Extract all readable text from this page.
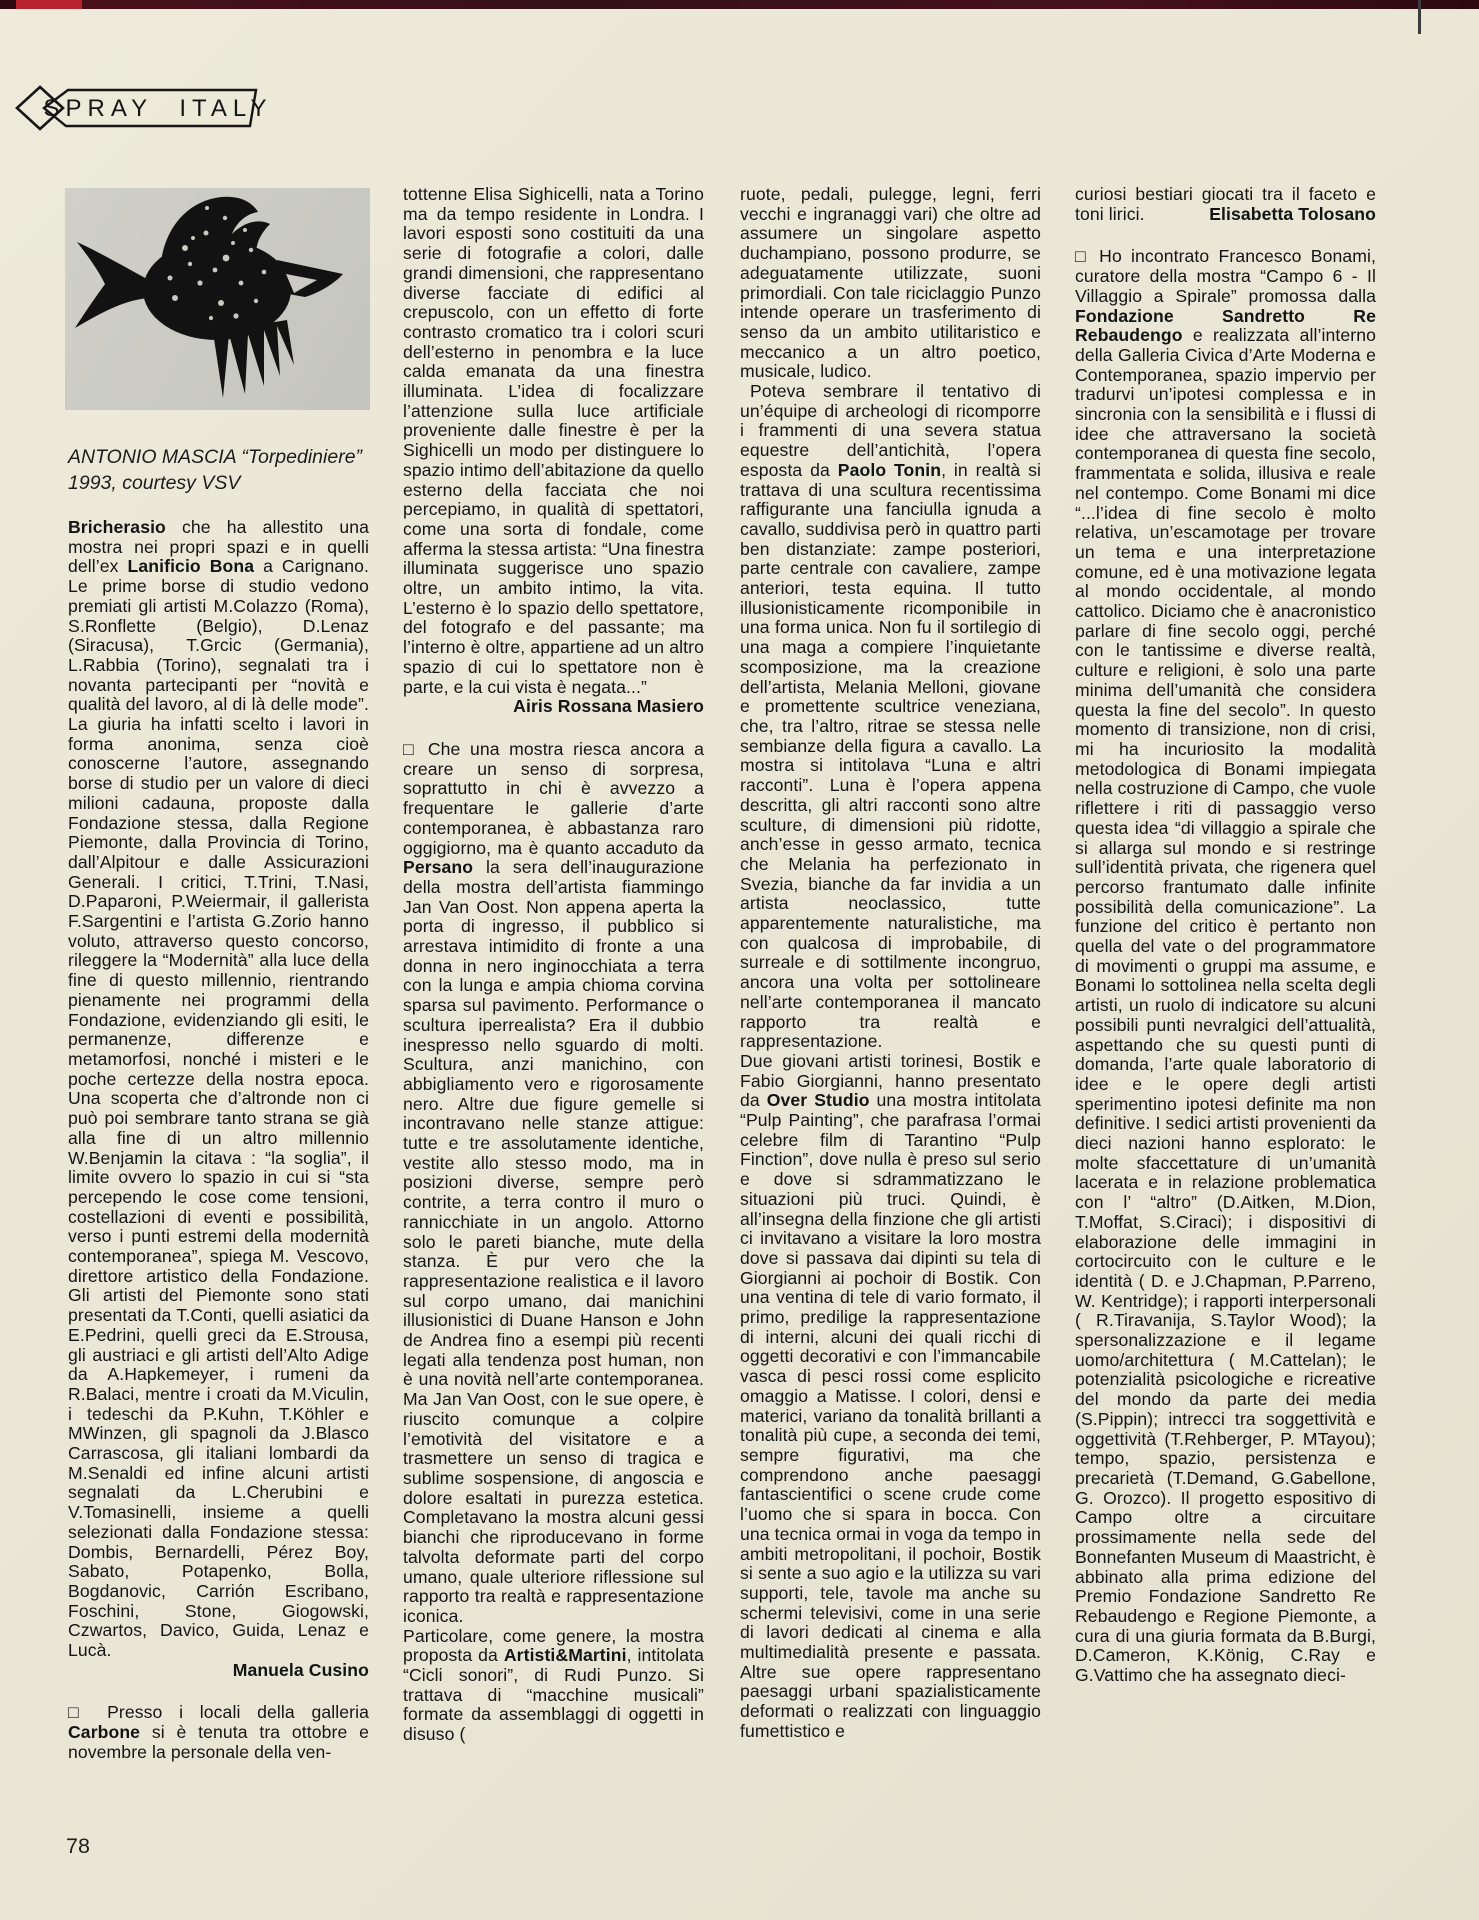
SPRAY ITALY

ANTONIO MASCIA “Torpediniere” 1993, courtesy VSV

Bricherasio che ha allestito una mostra nei propri spazi e in quelli dell’ex Lanificio Bona a Carignano. Le prime borse di studio vedono premiati gli artisti M.Colazzo (Roma), S.Ronflette (Belgio), D.Lenaz (Siracusa), T.Grcic (Germania), L.Rabbia (Torino), segnalati tra i novanta partecipanti per “novità e qualità del lavoro, al di là delle mode”. La giuria ha infatti scelto i lavori in forma anonima, senza cioè conoscerne l’autore, assegnando borse di studio per un valore di dieci milioni cadauna, proposte dalla Fondazione stessa, dalla Regione Piemonte, dalla Provincia di Torino, dall’Alpitour e dalle Assicurazioni Generali. I critici, T.Trini, T.Nasi, D.Paparoni, P.Weiermair, il gallerista F.Sargentini e l’artista G.Zorio hanno voluto, attraverso questo concorso, rileggere la “Modernità” alla luce della fine di questo millennio, rientrando pienamente nei programmi della Fondazione, evidenziando gli esiti, le permanenze, differenze e metamorfosi, nonché i misteri e le poche certezze della nostra epoca. Una scoperta che d’altronde non ci può poi sembrare tanto strana se già alla fine di un altro millennio W.Benjamin la citava : “la soglia”, il limite ovvero lo spazio in cui si “sta percependo le cose come tensioni, costellazioni di eventi e possibilità, verso i punti estremi della modernità contemporanea”, spiega M. Vescovo, direttore artistico della Fondazione. Gli artisti del Piemonte sono stati presentati da T.Conti, quelli asiatici da E.Pedrini, quelli greci da E.Strousa, gli austriaci e gli artisti dell’Alto Adige da A.Hapkemeyer, i rumeni da R.Balaci, mentre i croati da M.Viculin, i tedeschi da P.Kuhn, T.Köhler e MWinzen, gli spagnoli da J.Blasco Carrascosa, gli italiani lombardi da M.Senaldi ed infine alcuni artisti segnalati da L.Cherubini e V.Tomasinelli, insieme a quelli selezionati dalla Fondazione stessa: Dombis, Bernardelli, Pérez Boy, Sabato, Potapenko, Bolla, Bogdanovic, Carrión Escribano, Foschini, Stone, Giogowski, Czwartos, Davico, Guida, Lenaz e Lucà.

Manuela Cusino

□ Presso i locali della galleria Carbone si è tenuta tra ottobre e novembre la personale della ven-

tottenne Elisa Sighicelli, nata a Torino ma da tempo residente in Londra. I lavori esposti sono costituiti da una serie di fotografie a colori, dalle grandi dimensioni, che rappresentano diverse facciate di edifici al crepuscolo, con un effetto di forte contrasto cromatico tra i colori scuri dell’esterno in penombra e la luce calda emanata da una finestra illuminata. L’idea di focalizzare l’attenzione sulla luce artificiale proveniente dalle finestre è per la Sighicelli un modo per distinguere lo spazio intimo dell’abitazione da quello esterno della facciata che noi percepiamo, in qualità di spettatori, come una sorta di fondale, come afferma la stessa artista: “Una finestra illuminata suggerisce uno spazio oltre, un ambito intimo, la vita. L’esterno è lo spazio dello spettatore, del fotografo e del passante; ma l’interno è oltre, appartiene ad un altro spazio di cui lo spettatore non è parte, e la cui vista è negata...”

Airis Rossana Masiero

□ Che una mostra riesca ancora a creare un senso di sorpresa, soprattutto in chi è avvezzo a frequentare le gallerie d’arte contemporanea, è abbastanza raro oggigiorno, ma è quanto accaduto da Persano la sera dell’inaugurazione della mostra dell’artista fiammingo Jan Van Oost. Non appena aperta la porta di ingresso, il pubblico si arrestava intimidito di fronte a una donna in nero inginocchiata a terra con la lunga e ampia chioma corvina sparsa sul pavimento. Performance o scultura iperrealista? Era il dubbio inespresso nello sguardo di molti. Scultura, anzi manichino, con abbigliamento vero e rigorosamente nero. Altre due figure gemelle si incontravano nelle stanze attigue: tutte e tre assolutamente identiche, vestite allo stesso modo, ma in posizioni diverse, sempre però contrite, a terra contro il muro o rannicchiate in un angolo. Attorno solo le pareti bianche, mute della stanza. È pur vero che la rappresentazione realistica e il lavoro sul corpo umano, dai manichini illusionistici di Duane Hanson e John de Andrea fino a esempi più recenti legati alla tendenza post human, non è una novità nell’arte contemporanea. Ma Jan Van Oost, con le sue opere, è riuscito comunque a colpire l’emotività del visitatore e a trasmettere un senso di tragica e sublime sospensione, di angoscia e dolore esaltati in purezza estetica. Completavano la mostra alcuni gessi bianchi che riproducevano in forme talvolta deformate parti del corpo umano, quale ulteriore riflessione sul rapporto tra realtà e rappresentazione iconica.

Particolare, come genere, la mostra proposta da Artisti&Martini, intitolata “Cicli sonori”, di Rudi Punzo. Si trattava di “macchine musicali” formate da assemblaggi di oggetti in disuso (

ruote, pedali, pulegge, legni, ferri vecchi e ingranaggi vari) che oltre ad assumere un singolare aspetto duchampiano, possono produrre, se adeguatamente utilizzate, suoni primordiali. Con tale riciclaggio Punzo intende operare un trasferimento di senso da un ambito utilitaristico e meccanico a un altro poetico, musicale, ludico.

Poteva sembrare il tentativo di un’équipe di archeologi di ricomporre i frammenti di una severa statua equestre dell’antichità, l’opera esposta da Paolo Tonin, in realtà si trattava di una scultura recentissima raffigurante una fanciulla ignuda a cavallo, suddivisa però in quattro parti ben distanziate: zampe posteriori, parte centrale con cavaliere, zampe anteriori, testa equina. Il tutto illusionisticamente ricomponibile in una forma unica. Non fu il sortilegio di una maga a compiere l’inquietante scomposizione, ma la creazione dell’artista, Melania Melloni, giovane e promettente scultrice veneziana, che, tra l’altro, ritrae se stessa nelle sembianze della figura a cavallo. La mostra si intitolava “Luna e altri racconti”. Luna è l’opera appena descritta, gli altri racconti sono altre sculture, di dimensioni più ridotte, anch’esse in gesso armato, tecnica che Melania ha perfezionato in Svezia, bianche da far invidia a un artista neoclassico, tutte apparentemente naturalistiche, ma con qualcosa di improbabile, di surreale e di sottilmente incongruo, ancora una volta per sottolineare nell’arte contemporanea il mancato rapporto tra realtà e rappresentazione.

Due giovani artisti torinesi, Bostik e Fabio Giorgianni, hanno presentato da Over Studio una mostra intitolata “Pulp Painting”, che parafrasa l’ormai celebre film di Tarantino “Pulp Finction”, dove nulla è preso sul serio e dove si sdrammatizzano le situazioni più truci. Quindi, è all’insegna della finzione che gli artisti ci invitavano a visitare la loro mostra dove si passava dai dipinti su tela di Giorgianni ai pochoir di Bostik. Con una ventina di tele di vario formato, il primo, predilige la rappresentazione di interni, alcuni dei quali ricchi di oggetti decorativi e con l’immancabile vasca di pesci rossi come esplicito omaggio a Matisse. I colori, densi e materici, variano da tonalità brillanti a tonalità più cupe, a seconda dei temi, sempre figurativi, ma che comprendono anche paesaggi fantascientifici o scene crude come l’uomo che si spara in bocca. Con una tecnica ormai in voga da tempo in ambiti metropolitani, il pochoir, Bostik si sente a suo agio e la utilizza su vari supporti, tele, tavole ma anche su schermi televisivi, come in una serie di lavori dedicati al cinema e alla multimedialità presente e passata. Altre sue opere rappresentano paesaggi urbani spazialisticamente deformati o realizzati con linguaggio fumettistico e

curiosi bestiari giocati tra il faceto e toni lirici.	Elisabetta Tolosano

□ Ho incontrato Francesco Bonami, curatore della mostra “Campo 6 - Il Villaggio a Spirale” promossa dalla Fondazione Sandretto Re Rebaudengo e realizzata all’interno della Galleria Civica d’Arte Moderna e Contemporanea, spazio impervio per tradurvi un’ipotesi complessa e in sincronia con la sensibilità e i flussi di idee che attraversano la società contemporanea di questa fine secolo, frammentata e solida, illusiva e reale nel contempo. Come Bonami mi dice “...l’idea di fine secolo è molto relativa, un’escamotage per trovare un tema e una interpretazione comune, ed è una motivazione legata al mondo occidentale, al mondo cattolico. Diciamo che è anacronistico parlare di fine secolo oggi, perché con le tantissime e diverse realtà, culture e religioni, è solo una parte minima dell’umanità che considera questa la fine del secolo”. In questo momento di transizione, non di crisi, mi ha incuriosito la modalità metodologica di Bonami impiegata nella costruzione di Campo, che vuole riflettere i riti di passaggio verso questa idea “di villaggio a spirale che si allarga sul mondo e si restringe sull’identità privata, che rigenera quel percorso frantumato dalle infinite possibilità della comunicazione”. La funzione del critico è pertanto non quella del vate o del programmatore di movimenti o gruppi ma assume, e Bonami lo sottolinea nella scelta degli artisti, un ruolo di indicatore su alcuni possibili punti nevralgici dell’attualità, aspettando che su questi punti di domanda, l’arte quale laboratorio di idee e le opere degli artisti sperimentino ipotesi definite ma non definitive. I sedici artisti provenienti da dieci nazioni hanno esplorato: le molte sfaccettature di un’umanità lacerata e in relazione problematica con l’ “altro” (D.Aitken, M.Dion, T.Moffat, S.Ciraci); i dispositivi di elaborazione delle immagini in cortocircuito con le culture e le identità ( D. e J.Chapman, P.Parreno, W. Kentridge); i rapporti interpersonali ( R.Tiravanija, S.Taylor Wood); la spersonalizzazione e il legame uomo/architettura ( M.Cattelan); le potenzialità psicologiche e ricreative del mondo da parte dei media (S.Pippin); intrecci tra soggettività e oggettività (T.Rehberger, P. MTayou); tempo, spazio, persistenza e precarietà (T.Demand, G.Gabellone, G. Orozco). Il progetto espositivo di Campo oltre a circuitare prossimamente nella sede del Bonnefanten Museum di Maastricht, è abbinato alla prima edizione del Premio Fondazione Sandretto Re Rebaudengo e Regione Piemonte, a cura di una giuria formata da B.Burgi, D.Cameron, K.König, C.Ray e G.Vattimo che ha assegnato dieci-

78
